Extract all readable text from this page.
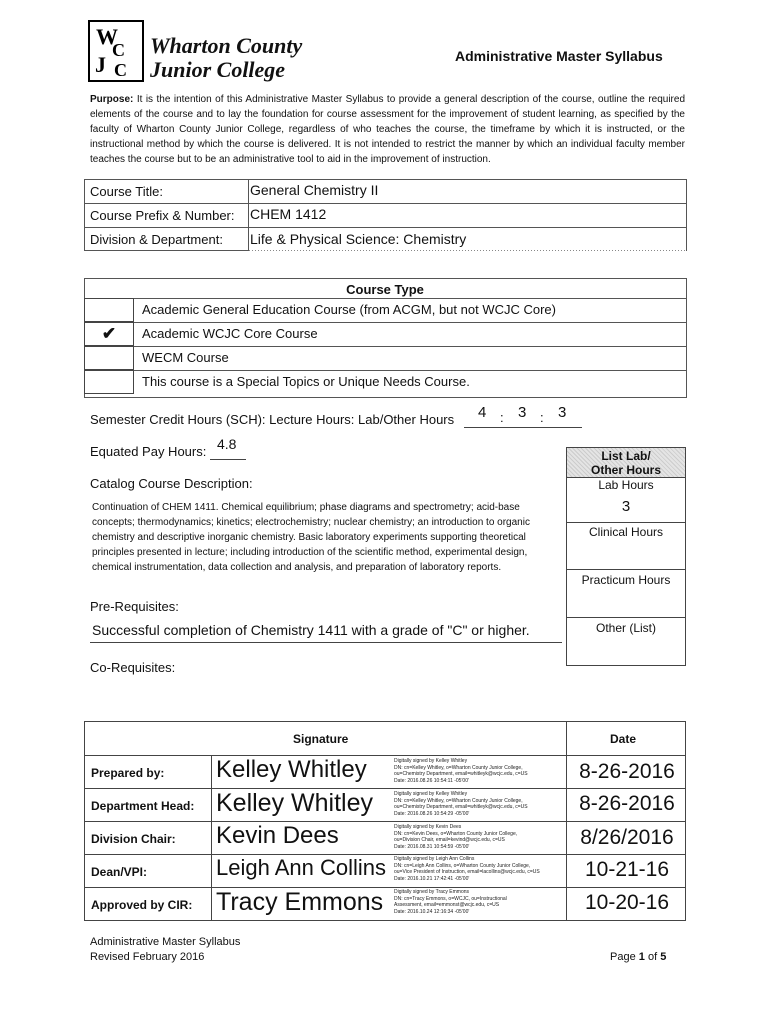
W
C
J C
Wharton County
Junior College
Administrative Master Syllabus
Purpose: It is the intention of this Administrative Master Syllabus to provide a general description of the course, outline the required elements of the course and to lay the foundation for course assessment for the improvement of student learning, as specified by the faculty of Wharton County Junior College, regardless of who teaches the course, the timeframe by which it is instructed, or the instructional method by which the course is delivered. It is not intended to restrict the manner by which an individual faculty member teaches the course but to be an administrative tool to aid in the improvement of instruction.
Course Title:	General Chemistry II
Course Prefix & Number: CHEM 1412
Division & Department: Life & Physical Science: Chemistry
Course Type
Academic General Education Course (from ACGM, but not WCJC Core)
✔	Academic WCJC Core Course
WECM Course
This course is a Special Topics or Unique Needs Course.
Semester Credit Hours (SCH): Lecture Hours: Lab/Other Hours 4 : 3 : 3
Equated Pay Hours: 4.8
Catalog Course Description:
Continuation of CHEM 1411. Chemical equilibrium; phase diagrams and spectrometry; acid-base concepts; thermodynamics; kinetics; electrochemistry; nuclear chemistry; an introduction to organic chemistry and descriptive inorganic chemistry. Basic laboratory experiments supporting theoretical principles presented in lecture; including introduction of the scientific method, experimental design, chemical instrumentation, data collection and analysis, and preparation of laboratory reports.
Pre-Requisites:
Successful completion of Chemistry 1411 with a grade of "C" or higher.
Co-Requisites:
List Lab/
Other Hours
Lab Hours
3
Clinical Hours
Practicum Hours
Other (List)
Signature	Date
Prepared by: Kelley Whitley	Digitally signed by Kelley Whitley
DN: cn=Kelley Whitley, o=Wharton County Junior College,
ou=Chemistry Department, email=whitleyk@wcjc.edu, c=US
Date: 2016.08.26 10:54:11 -05'00'	8-26-2016
Department Head: Kelley Whitley	Digitally signed by Kelley Whitley
DN: cn=Kelley Whitley, o=Wharton County Junior College,
ou=Chemistry Department, email=whitleyk@wcjc.edu, c=US
Date: 2016.08.26 10:54:29 -05'00'	8-26-2016
Division Chair: Kevin Dees	Digitally signed by Kevin Dees
DN: cn=Kevin Dees, o=Wharton County Junior College,
ou=Division Chair, email=kevind@wcjc.edu, c=US
Date: 2016.08.31 10:54:59 -05'00'	8/26/2016
Dean/VPI:	Leigh Ann Collins Digitally signed by Leigh Ann Collins
DN: cn=Leigh Ann Collins, o=Wharton County Junior College,
ou=Vice President of Instruction, email=lacollins@wcjc.edu, c=US
Date: 2016.10.21 17:42:41 -05'00'	10-21-16
Approved by CIR: Tracy Emmons Digitally signed by Tracy Emmons
DN: cn=Tracy Emmons, o=WCJC, ou=Instructional
Assessment, email=emmonst@wcjc.edu, c=US
Date: 2016.10.24 12:16:34 -05'00'	10-20-16
Administrative Master Syllabus
Revised February 2016	Page 1 of 5
